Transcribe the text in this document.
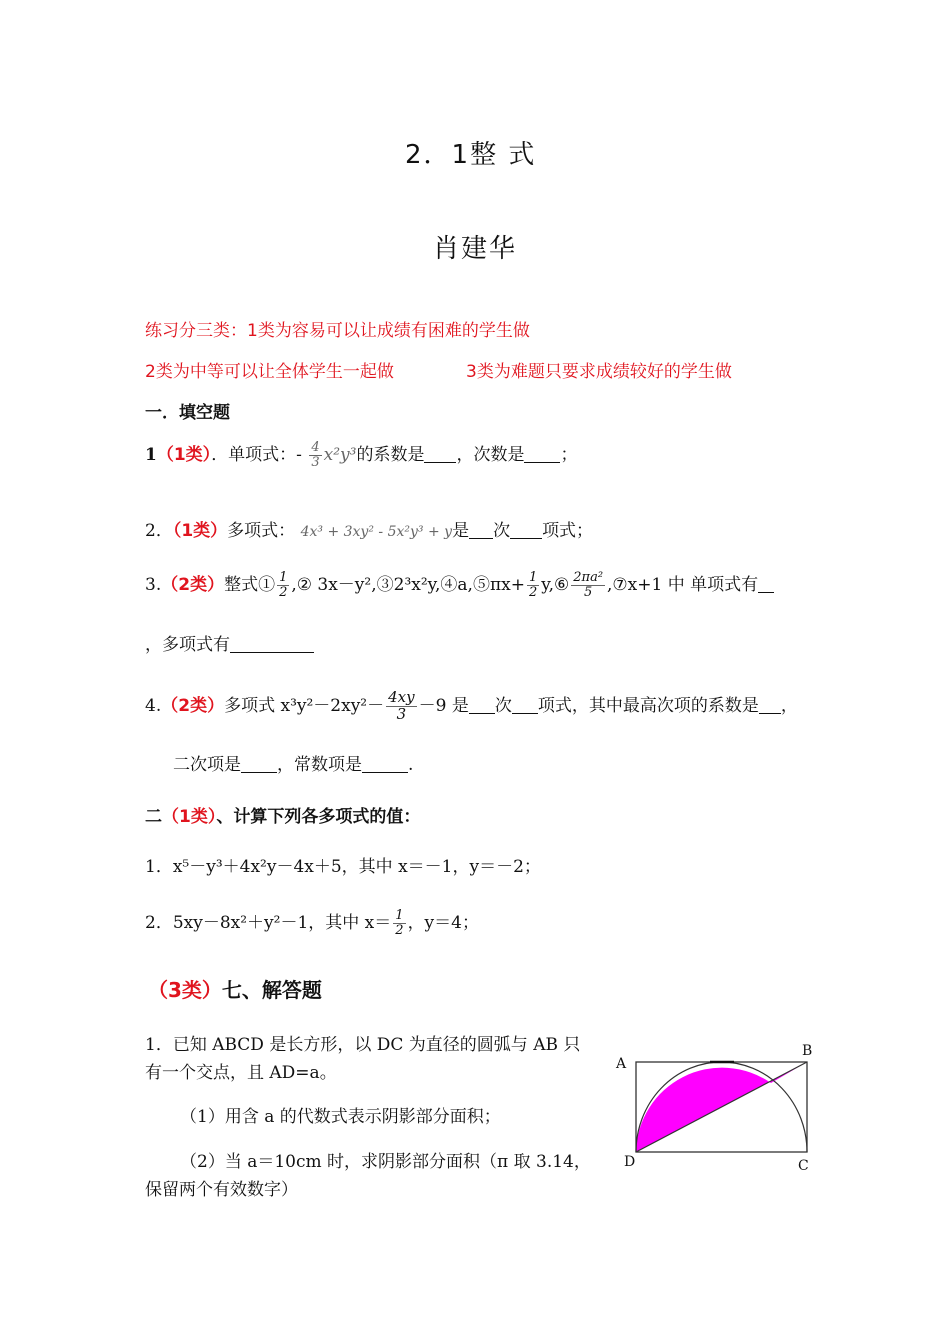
2．1整 式
肖建华
练习分三类：1类为容易可以让成绩有困难的学生做
2类为中等可以让全体学生一起做	3类为难题只要求成绩较好的学生做
一．填空题
1（1类）．单项式：- $\frac{4}{3} x^2y^3$的系数是 ，次数是 ；
2．（1类）多项式： 4x³ + 3xy² - 5x²y³ + y是 次 项式；
3.（2类）整式① $\frac{1}{2}$ ,② 3x－y²,③2³x²y,④a,⑤πx+ $\frac{1}{2}$ y,⑥ $\frac{\text{2πa²}}{5}$ ,⑦x+1 中 单项式有
，多项式有
4.（2类）多项式 $x^3y^2-2xy^2- \frac{4xy}{3} -9$ 是 次 项式，其中最高次项的系数是 ，
二次项是 ，常数项是	.
二（1类）、计算下列各多项式的值：
1．x⁵－y³＋4x²y－4x＋5，其中 x＝－1，y＝－2；
2．5xy－8x²＋y²－1，其中 $x= \frac{1}{2}$ ，y＝4；
（3类）七、解答题
1．已知 ABCD 是长方形，以 DC 为直径的圆弧与 AB 只
有一个交点，且 AD=a。
（1）用含 a 的代数式表示阴影部分面积；
（2）当 a＝10cm 时，求阴影部分面积（π 取 3.14，
保留两个有效数字）
A
B
C
D
